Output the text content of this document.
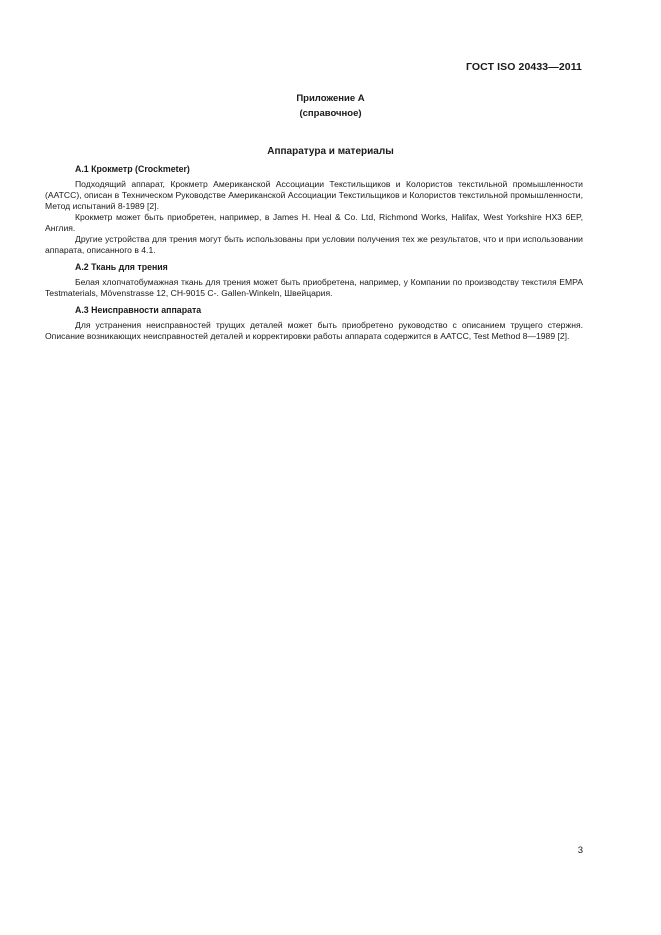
ГОСТ ISO 20433—2011
Приложение А
(справочное)
Аппаратура и материалы
А.1 Крокметр (Crockmeter)

Подходящий аппарат, Крокметр Американской Ассоциации Текстильщиков и Колористов текстильной промышленности (AATCC), описан в Техническом Руководстве Американской Ассоциации Текстильщиков и Колористов текстильной промышленности, Метод испытаний 8-1989 [2].

Крокметр может быть приобретен, например, в James H. Heal & Co. Ltd, Richmond Works, Halifax, West Yorkshire HX3 6EP, Англия.

Другие устройства для трения могут быть использованы при условии получения тех же результатов, что и при использовании аппарата, описанного в 4.1.

А.2 Ткань для трения

Белая хлопчатобумажная ткань для трения может быть приобретена, например, у Компании по производству текстиля EMPA Testmaterials, Mövenstrasse 12, CH-9015 С-. Gallen-Winkeln, Швейцария.

А.3 Неисправности аппарата

Для устранения неисправностей трущих деталей может быть приобретено руководство с описанием трущего стержня. Описание возникающих неисправностей деталей и корректировки работы аппарата содержится в AATCC, Test Method 8—1989 [2].

3
